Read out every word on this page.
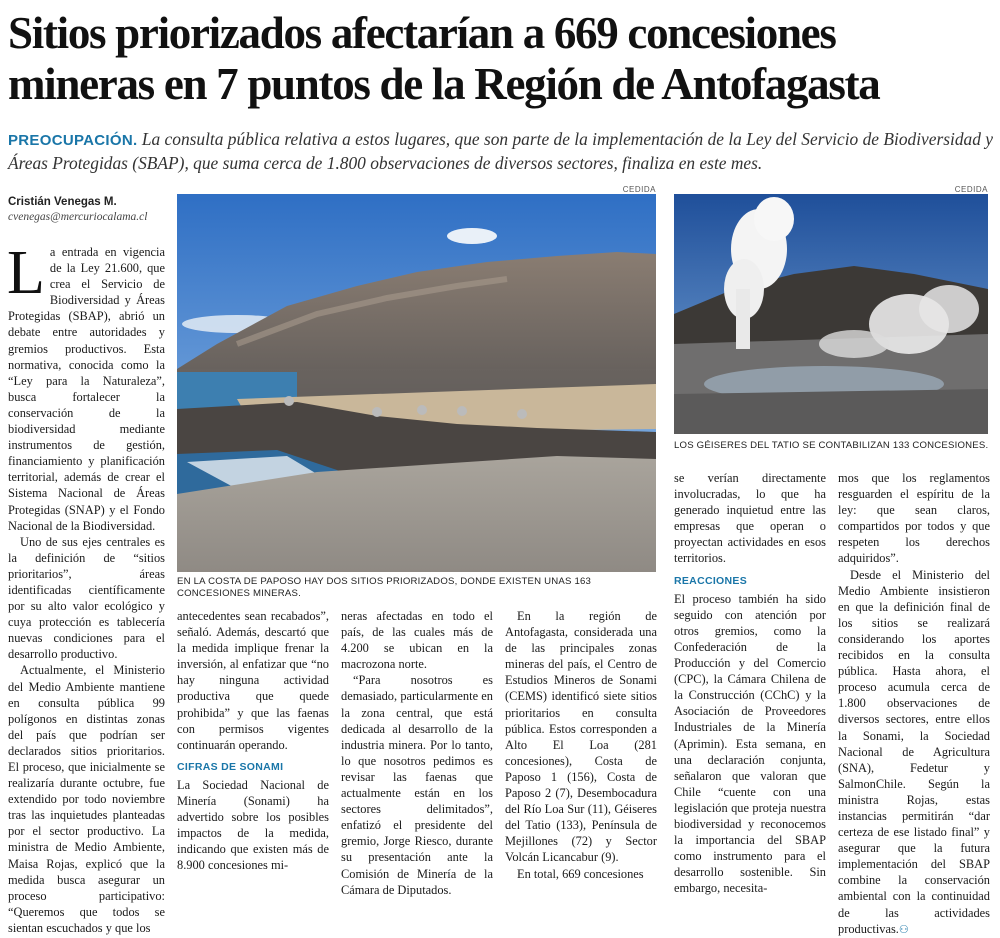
Sitios priorizados afectarían a 669 concesiones
mineras en 7 puntos de la Región de Antofagasta
PREOCUPACIÓN. La consulta pública relativa a estos lugares, que son parte de la implementación de la Ley del Servicio de Biodiversidad y Áreas Protegidas (SBAP), que suma cerca de 1.800 observaciones de diversos sectores, finaliza en este mes.
Cristián Venegas M.
cvenegas@mercuriocalama.cl
CEDIDA
EN LA COSTA DE PAPOSO HAY DOS SITIOS PRIORIZADOS, DONDE EXISTEN UNAS 163 CONCESIONES MINERAS.
CEDIDA
LOS GÉISERES DEL TATIO SE CONTABILIZAN 133 CONCESIONES.
L a entrada en vigencia de la Ley 21.600, que crea el Servicio de Biodiversidad y Áreas Protegidas (SBAP), abrió un debate entre autoridades y gremios productivos. Esta normativa, conocida como la “Ley para la Naturaleza”, busca fortalecer la conservación de la biodiversidad mediante instrumentos de gestión, financiamiento y planificación territorial, además de crear el Sistema Nacional de Áreas Protegidas (SNAP) y el Fondo Nacional de la Biodiversidad.

Uno de sus ejes centrales es la definición de “sitios prioritarios”, áreas identificadas científicamente por su alto valor ecológico y cuya protección es tablecería nuevas condiciones para el desarrollo productivo.

Actualmente, el Ministerio del Medio Ambiente mantiene en consulta pública 99 polígonos en distintas zonas del país que podrían ser declarados sitios prioritarios. El proceso, que inicialmente se realizaría durante octubre, fue extendido por todo noviembre tras las inquietudes planteadas por el sector productivo. La ministra de Medio Ambiente, Maisa Rojas, explicó que la medida busca asegurar un proceso participativo: “Queremos que todos se sientan escuchados y que los

antecedentes sean recabados”, señaló. Además, descartó que la medida implique frenar la inversión, al enfatizar que “no hay ninguna actividad productiva que quede prohibida” y que las faenas con permisos vigentes continuarán operando.

CIFRAS DE SONAMI

La Sociedad Nacional de Minería (Sonami) ha advertido sobre los posibles impactos de la medida, indicando que existen más de 8.900 concesiones mi-

neras afectadas en todo el país, de las cuales más de 4.200 se ubican en la macrozona norte.

“Para nosotros es demasiado, particularmente en la zona central, que está dedicada al desarrollo de la industria minera. Por lo tanto, lo que nosotros pedimos es revisar las faenas que actualmente están en los sectores delimitados”, enfatizó el presidente del gremio, Jorge Riesco, durante su presentación ante la Comisión de Minería de la Cámara de Diputados.

En la región de Antofagasta, considerada una de las principales zonas mineras del país, el Centro de Estudios Mineros de Sonami (CEMS) identificó siete sitios prioritarios en consulta pública. Estos corresponden a Alto El Loa (281 concesiones), Costa de Paposo 1 (156), Costa de Paposo 2 (7), Desembocadura del Río Loa Sur (11), Géiseres del Tatio (133), Península de Mejillones (72) y Sector Volcán Licancabur (9).

En total, 669 concesiones

se verían directamente involucradas, lo que ha generado inquietud entre las empresas que operan o proyectan actividades en esos territorios.

REACCIONES

El proceso también ha sido seguido con atención por otros gremios, como la Confederación de la Producción y del Comercio (CPC), la Cámara Chilena de la Construcción (CChC) y la Asociación de Proveedores Industriales de la Minería (Aprimin). Esta semana, en una declaración conjunta, señalaron que valoran que Chile “cuente con una legislación que proteja nuestra biodiversidad y reconocemos la importancia del SBAP como instrumento para el desarrollo sostenible. Sin embargo, necesita-

mos que los reglamentos resguarden el espíritu de la ley: que sean claros, compartidos por todos y que respeten los derechos adquiridos”.

Desde el Ministerio del Medio Ambiente insistieron en que la definición final de los sitios se realizará considerando los aportes recibidos en la consulta pública. Hasta ahora, el proceso acumula cerca de 1.800 observaciones de diversos sectores, entre ellos la Sonami, la Sociedad Nacional de Agricultura (SNA), Fedetur y SalmonChile. Según la ministra Rojas, estas instancias permitirán “dar certeza de ese listado final” y asegurar que la futura implementación del SBAP combine la conservación ambiental con la continuidad de las actividades productivas.⚇
